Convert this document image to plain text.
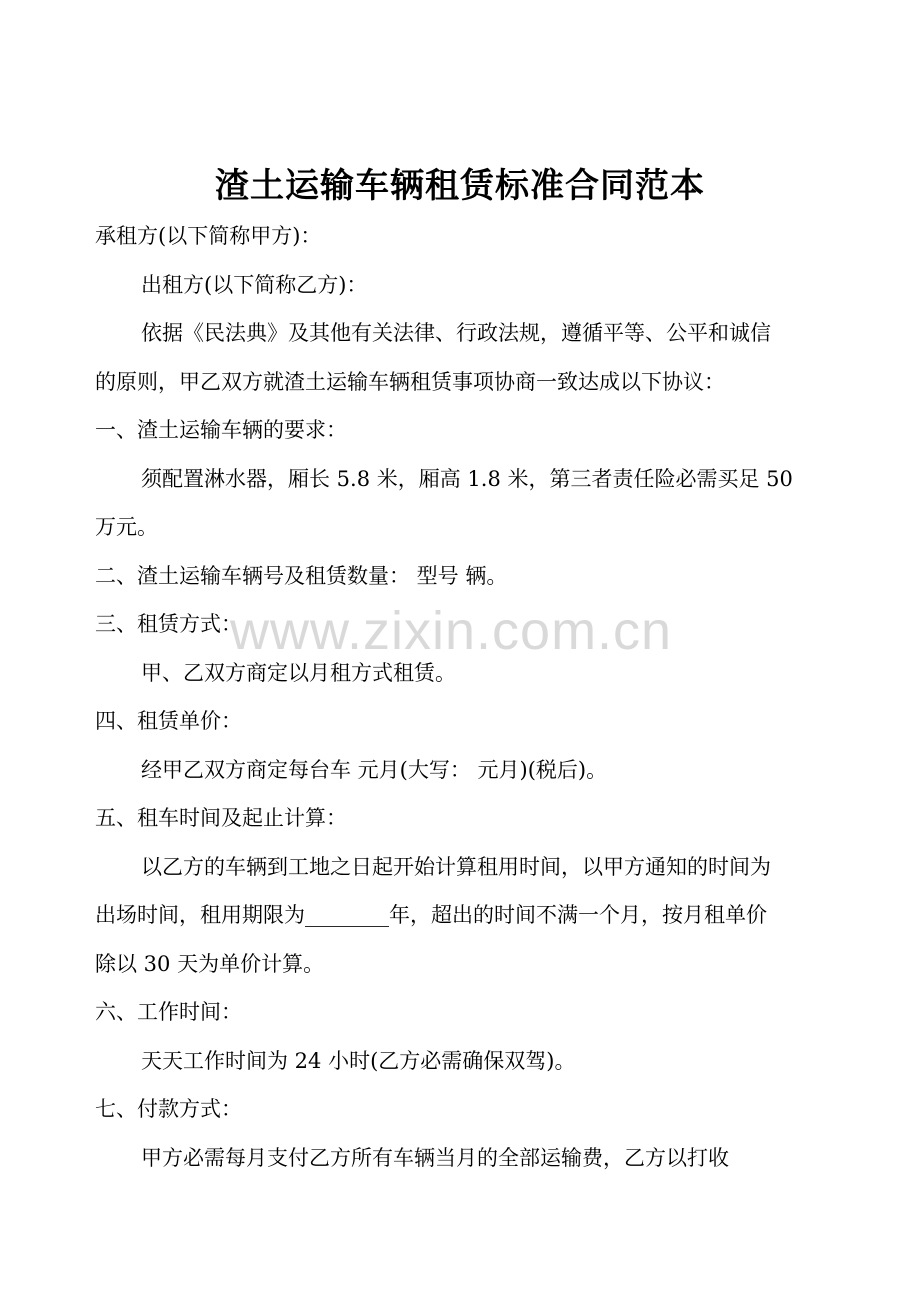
渣土运输车辆租赁标准合同范本

承租方(以下简称甲方)：

出租方(以下简称乙方)：

依据《民法典》及其他有关法律、行政法规，遵循平等、公平和诚信

的原则，甲乙双方就渣土运输车辆租赁事项协商一致达成以下协议：

一、渣土运输车辆的要求：

须配置淋水器，厢长 5.8 米，厢高 1.8 米，第三者责任险必需买足 50

万元。

二、渣土运输车辆号及租赁数量： 型号 辆。

三、租赁方式：

甲、乙双方商定以月租方式租赁。

四、租赁单价：

经甲乙双方商定每台车 元月(大写： 元月)(税后)。

五、租车时间及起止计算：

以乙方的车辆到工地之日起开始计算租用时间，以甲方通知的时间为

出场时间，租用期限为________年，超出的时间不满一个月，按月租单价

除以 30 天为单价计算。

六、工作时间：

天天工作时间为 24 小时(乙方必需确保双驾)。

七、付款方式：

甲方必需每月支付乙方所有车辆当月的全部运输费，乙方以打收

www.zixin.com.cn
